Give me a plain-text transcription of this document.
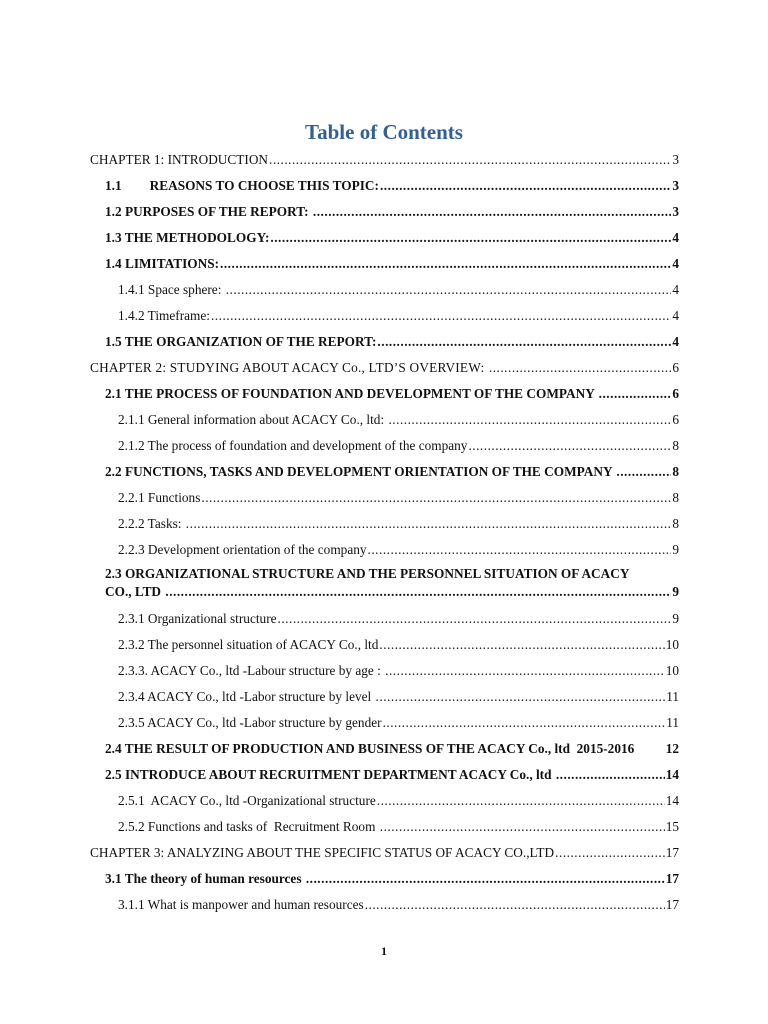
Table of Contents
CHAPTER 1: INTRODUCTION .....	3
1.1 REASONS TO CHOOSE THIS TOPIC: .....	3
1.2 PURPOSES OF THE REPORT: .....	3
1.3 THE METHODOLOGY: .....	4
1.4 LIMITATIONS: .....	4
1.4.1 Space sphere: .....	4
1.4.2 Timeframe: .....	4
1.5 THE ORGANIZATION OF THE REPORT: .....	4
CHAPTER 2: STUDYING ABOUT ACACY Co., LTD’S OVERVIEW: .....	6
2.1 THE PROCESS OF FOUNDATION AND DEVELOPMENT OF THE COMPANY .....	6
2.1.1 General information about ACACY Co., ltd: .....	6
2.1.2 The process of foundation and development of the company .....	8
2.2 FUNCTIONS, TASKS AND DEVELOPMENT ORIENTATION OF THE COMPANY .....	8
2.2.1 Functions .....	8
2.2.2 Tasks: .....	8
2.2.3 Development orientation of the company .....	9
2.3 ORGANIZATIONAL STRUCTURE AND THE PERSONNEL SITUATION OF ACACY
CO., LTD .....	9
2.3.1 Organizational structure .....	9
2.3.2 The personnel situation of ACACY Co., ltd .....	10
2.3.3. ACACY Co., ltd -Labour structure by age : .....	10
2.3.4 ACACY Co., ltd -Labor structure by level .....	11
2.3.5 ACACY Co., ltd -Labor structure by gender .....	11
2.4 THE RESULT OF PRODUCTION AND BUSINESS OF THE ACACY Co., ltd  2015-2016 12
2.5 INTRODUCE ABOUT RECRUITMENT DEPARTMENT ACACY Co., ltd .....	14
2.5.1  ACACY Co., ltd -Organizational structure .....	14
2.5.2 Functions and tasks of  Recruitment Room .....	15
CHAPTER 3: ANALYZING ABOUT THE SPECIFIC STATUS OF ACACY CO.,LTD .....	17
3.1 The theory of human resources .....	17
3.1.1 What is manpower and human resources .....	17
1
